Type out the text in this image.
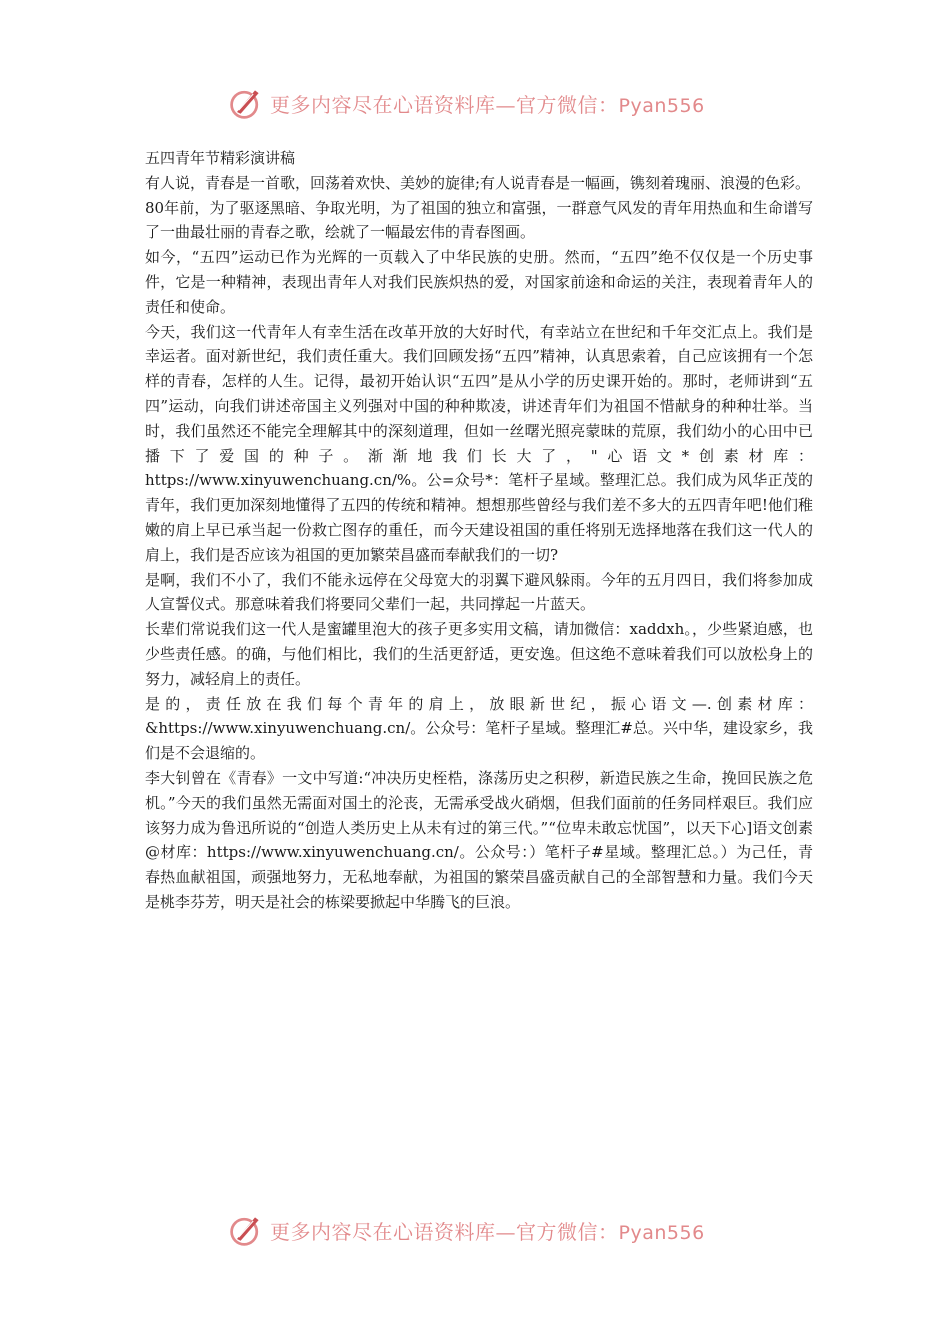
更多内容尽在心语资料库—官方微信：Pyan556

五四青年节精彩演讲稿

有人说，青春是一首歌，回荡着欢快、美妙的旋律;有人说青春是一幅画，镌刻着瑰丽、浪漫的色彩。

80年前，为了驱逐黑暗、争取光明，为了祖国的独立和富强，一群意气风发的青年用热血和生命谱写了一曲最壮丽的青春之歌，绘就了一幅最宏伟的青春图画。

如今，“五四”运动已作为光辉的一页载入了中华民族的史册。然而，“五四”绝不仅仅是一个历史事件，它是一种精神，表现出青年人对我们民族炽热的爱，对国家前途和命运的关注，表现着青年人的责任和使命。

今天，我们这一代青年人有幸生活在改革开放的大好时代，有幸站立在世纪和千年交汇点上。我们是幸运者。面对新世纪，我们责任重大。我们回顾发扬“五四”精神，认真思索着，自己应该拥有一个怎样的青春，怎样的人生。记得，最初开始认识“五四”是从小学的历史课开始的。那时，老师讲到“五四”运动，向我们讲述帝国主义列强对中国的种种欺凌，讲述青年们为祖国不惜献身的种种壮举。当时，我们虽然还不能完全理解其中的深刻道理，但如一丝曙光照亮蒙昧的荒原，我们幼小的心田中已播下了爱国的种子。渐渐地我们长大了，"心语文*创素材库：https://www.xinyuwenchuang.cn/%。公=众号*：笔杆子星域。整理汇总。我们成为风华正茂的青年，我们更加深刻地懂得了五四的传统和精神。想想那些曾经与我们差不多大的五四青年吧!他们稚嫩的肩上早已承当起一份救亡图存的重任，而今天建设祖国的重任将别无选择地落在我们这一代人的肩上，我们是否应该为祖国的更加繁荣昌盛而奉献我们的一切?

是啊，我们不小了，我们不能永远停在父母宽大的羽翼下避风躲雨。今年的五月四日，我们将参加成人宣誓仪式。那意味着我们将要同父辈们一起，共同撑起一片蓝天。

长辈们常说我们这一代人是蜜罐里泡大的孩子更多实用文稿，请加微信：xaddxh。，少些紧迫感，也少些责任感。的确，与他们相比，我们的生活更舒适，更安逸。但这绝不意味着我们可以放松身上的努力，减轻肩上的责任。

是的，责任放在我们每个青年的肩上，放眼新世纪，振心语文—.创素材库：&https://www.xinyuwenchuang.cn/。公众号：笔杆子星域。整理汇#总。兴中华，建设家乡，我们是不会退缩的。

李大钊曾在《青春》一文中写道:“冲决历史桎梏，涤荡历史之积秽，新造民族之生命，挽回民族之危机。”今天的我们虽然无需面对国土的沦丧，无需承受战火硝烟，但我们面前的任务同样艰巨。我们应该努力成为鲁迅所说的“创造人类历史上从未有过的第三代。”“位卑未敢忘忧国”，以天下心]语文创素@材库：https://www.xinyuwenchuang.cn/。公众号：）笔杆子#星域。整理汇总。）为己任，青春热血献祖国，顽强地努力，无私地奉献，为祖国的繁荣昌盛贡献自己的全部智慧和力量。我们今天是桃李芬芳，明天是社会的栋梁要掀起中华腾飞的巨浪。

更多内容尽在心语资料库—官方微信：Pyan556
